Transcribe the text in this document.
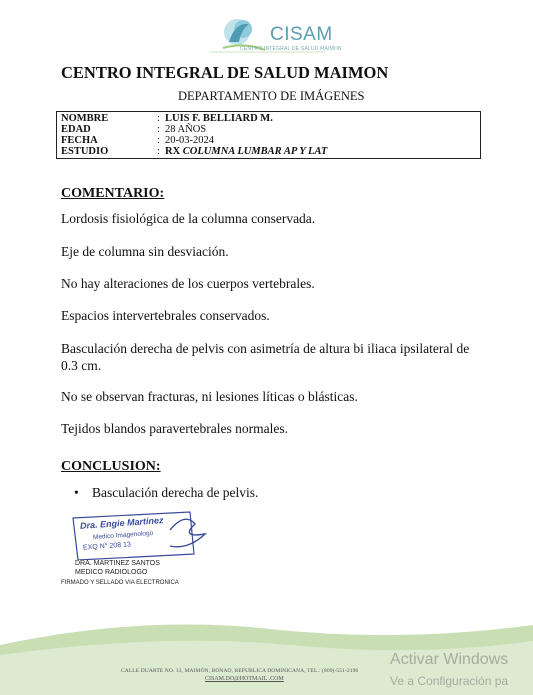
CISAM
CENTRO INTEGRAL DE SALUD MAIMON
CENTRO INTEGRAL DE SALUD MAIMON
DEPARTAMENTO DE IMÁGENES
NOMBRE	: LUIS F. BELLIARD M.
EDAD	: 28 AÑOS
FECHA	: 20-03-2024
ESTUDIO	: RX COLUMNA LUMBAR AP Y LAT
COMENTARIO:
Lordosis fisiológica de la columna conservada.
Eje de columna sin desviación.
No hay alteraciones de los cuerpos vertebrales.
Espacios intervertebrales conservados.
Basculación derecha de pelvis con asimetría de altura bi iliaca ipsilateral de 0.3 cm.
No se observan fracturas, ni lesiones líticas o blásticas.
Tejidos blandos paravertebrales normales.
CONCLUSION:
• Basculación derecha de pelvis.
Dra. Engie Martinez
Medico Imagenologo
EXQ N° 208 13
DRA. MARTINEZ SANTOS
MEDICO RADIOLOGO
FIRMADO Y SELLADO VIA ELECTRONICA
CALLE DUARTE NO. 13, MAIMÓN, BONAO, REPUBLICA DOMINICANA, TEL.: (809)-551-2196
CISAM.DO@HOTMAIL .COM
Activar Windows
Ve a Configuración pa
